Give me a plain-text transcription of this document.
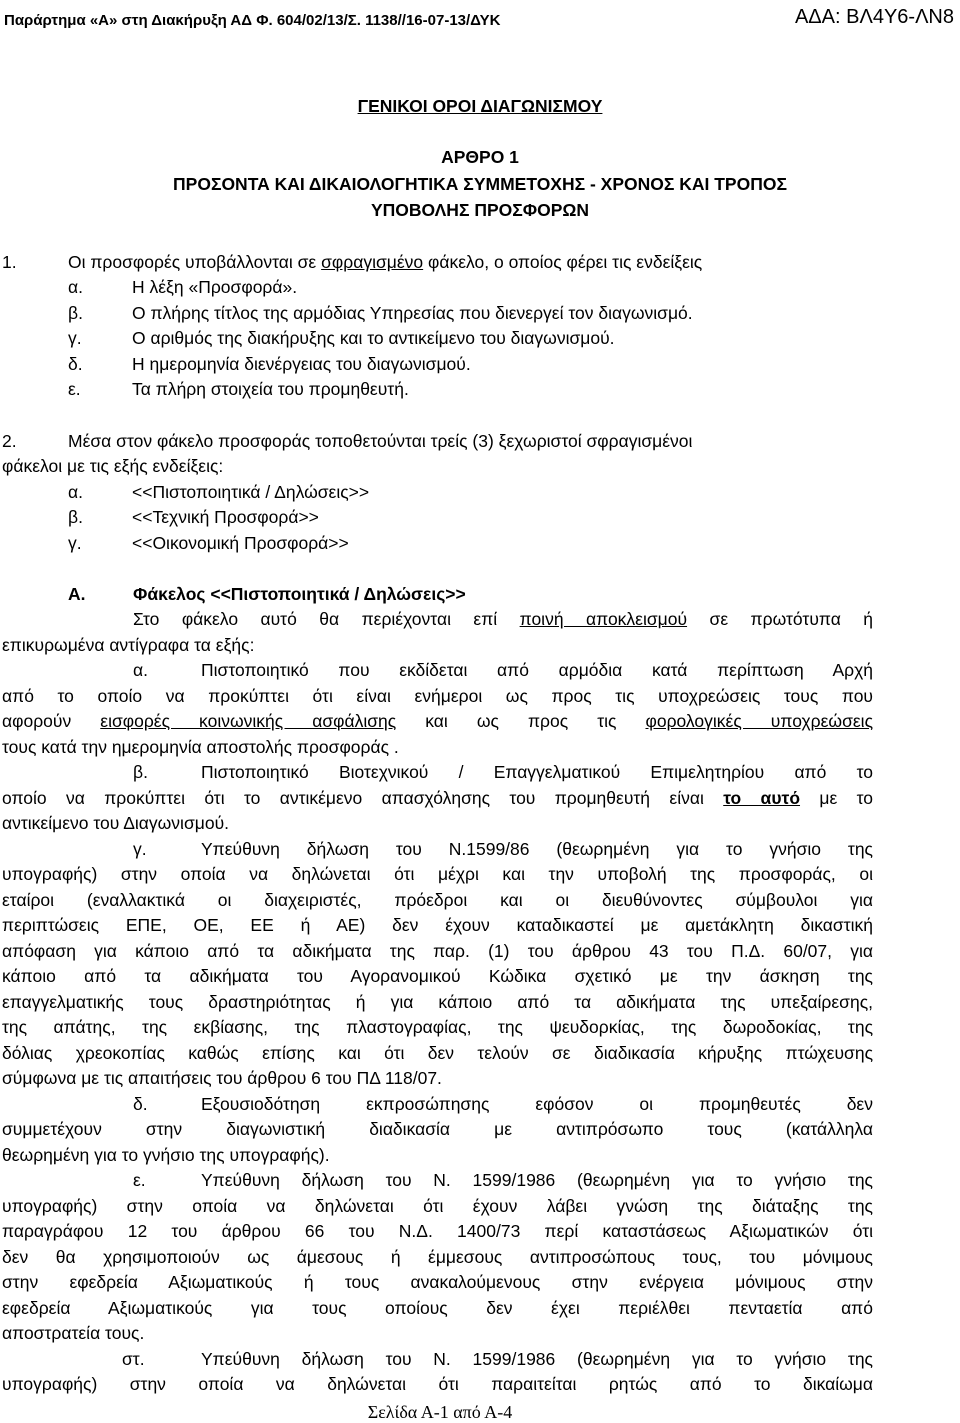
Παράρτημα «Α» στη Διακήρυξη ΑΔ Φ. 604/02/13/Σ. 1138//16-07-13/ΔΥΚ	ΑΔΑ: ΒΛ4Υ6-ΛΝ8
ΓΕΝΙΚΟΙ ΟΡΟΙ ΔΙΑΓΩΝΙΣΜΟΥ
ΑΡΘΡΟ 1
ΠΡΟΣΟΝΤΑ ΚΑΙ ΔΙΚΑΙΟΛΟΓΗΤΙΚΑ ΣΥΜΜΕΤΟΧΗΣ - ΧΡΟΝΟΣ ΚΑΙ ΤΡΟΠΟΣ
ΥΠΟΒΟΛΗΣ ΠΡΟΣΦΟΡΩΝ
1.	Οι προσφορές υποβάλλονται σε σφραγισμένο φάκελο, ο οποίος φέρει τις ενδείξεις
α.	Η λέξη «Προσφορά».
β.	Ο πλήρης τίτλος της αρμόδιας Υπηρεσίας που διενεργεί τον διαγωνισμό.
γ.	Ο αριθμός της διακήρυξης και το αντικείμενο του διαγωνισμού.
δ.	Η ημερομηνία διενέργειας του διαγωνισμού.
ε.	Τα πλήρη στοιχεία του προμηθευτή.
2.	Μέσα στον φάκελο προσφοράς τοποθετούνται τρείς (3) ξεχωριστοί σφραγισμένοι
φάκελοι με τις εξής ενδείξεις:
α.	<<Πιστοποιητικά / Δηλώσεις>>
β.	<<Τεχνική Προσφορά>>
γ.	<<Οικονομική Προσφορά>>
Α.	Φάκελος <<Πιστοποιητικά / Δηλώσεις>>
Στο φάκελο αυτό θα περιέχονται επί ποινή αποκλεισμού σε πρωτότυπα ή
επικυρωμένα αντίγραφα τα εξής:
α.	Πιστοποιητικό που εκδίδεται από αρμόδια κατά περίπτωση Αρχή
από το οποίο να προκύπτει ότι είναι ενήμεροι ως προς τις υποχρεώσεις τους που
αφορούν εισφορές κοινωνικής ασφάλισης και ως προς τις φορολογικές υποχρεώσεις
τους κατά την ημερομηνία αποστολής προσφοράς .
β.	Πιστοποιητικό Βιοτεχνικού / Επαγγελματικού Επιμελητηρίου από το
οποίο να προκύπτει ότι το αντικέμενο απασχόλησης του προμηθευτή είναι το αυτό με το
αντικείμενο του Διαγωνισμού.
γ.	Υπεύθυνη δήλωση του Ν.1599/86 (θεωρημένη για το γνήσιο της
υπογραφής) στην οποία να δηλώνεται ότι μέχρι και την υποβολή της προσφοράς, οι
εταίροι (εναλλακτικά οι διαχειριστές, πρόεδροι και οι διευθύνοντες σύμβουλοι για
περιπτώσεις ΕΠΕ, ΟΕ, ΕΕ ή ΑΕ) δεν έχουν καταδικαστεί με αμετάκλητη δικαστική
απόφαση για κάποιο από τα αδικήματα της παρ. (1) του άρθρου 43 του Π.Δ. 60/07, για
κάποιο από τα αδικήματα του Αγορανομικού Κώδικα σχετικό με την άσκηση της
επαγγελματικής τους δραστηριότητας ή για κάποιο από τα αδικήματα της υπεξαίρεσης,
της απάτης, της εκβίασης, της πλαστογραφίας, της ψευδορκίας, της δωροδοκίας, της
δόλιας χρεοκοπίας καθώς επίσης και ότι δεν τελούν σε διαδικασία κήρυξης πτώχευσης
σύμφωνα με τις απαιτήσεις του άρθρου 6 του ΠΔ 118/07.
δ.	Εξουσιοδότηση εκπροσώπησης εφόσον οι προμηθευτές δεν
συμμετέχουν στην διαγωνιστική διαδικασία με αντιπρόσωπο τους (κατάλληλα
θεωρημένη για το γνήσιο της υπογραφής).
ε.	Υπεύθυνη δήλωση του Ν. 1599/1986 (θεωρημένη για το γνήσιο της
υπογραφής) στην οποία να δηλώνεται ότι έχουν λάβει γνώση της διάταξης της
παραγράφου 12 του άρθρου 66 του Ν.Δ. 1400/73 περί καταστάσεως Αξιωματικών ότι
δεν θα χρησιμοποιούν ως άμεσους ή έμμεσους αντιπροσώπους τους, του μόνιμους
στην εφεδρεία Αξιωματικούς ή τους ανακαλούμενους στην ενέργεια μόνιμους στην
εφεδρεία Αξιωματικούς για τους οποίους δεν έχει περιέλθει πενταετία από
αποστρατεία τους.
στ.	Υπεύθυνη δήλωση του Ν. 1599/1986 (θεωρημένη για το γνήσιο της
υπογραφής) στην οποία να δηλώνεται ότι παραιτείται ρητώς από το δικαίωμα
Σελίδα Α-1 από Α-4
